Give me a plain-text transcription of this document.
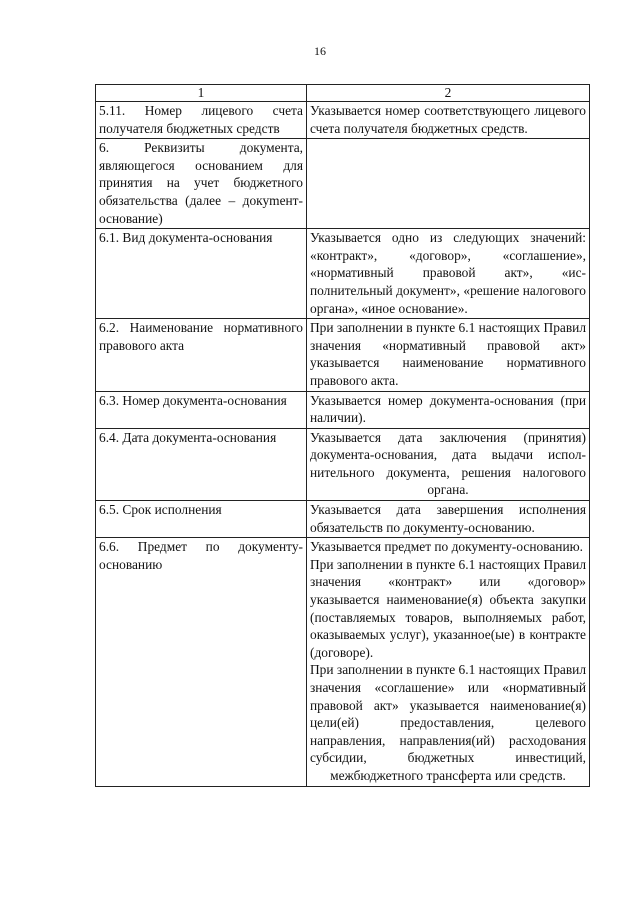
16
1	2
5.11. Номер лицевого счета получателя бюджетных средств	Указывается номер соответствующего лицевого счета получателя бюджетных средств.

6. Реквизиты документа, являющегося основанием для принятия на учет бюджетного обязательства (далее – докуmент-основание)	
6.1. Вид документа-основания	Указывается одно из следующих значений: «контракт», «договор», «соглашение», «нормативный правовой акт», «исполнительный документ», «решение налогового органа», «иное основание».

6.2. Наименование нормативного правового акта	При заполнении в пункте 6.1 настоящих Правил значения «нормативный правовой акт» указывается наименование нормативного правового акта.

6.3. Номер документа-основания	Указывается номер документа-основания (при наличии).

6.4. Дата документа-основания	Указывается дата заключения (принятия) документа-основания, дата выдачи исполнительного документа, решения налогового органа.

6.5. Срок исполнения	Указывается дата завершения исполнения обязательств по документу-основанию.

6.6. Предмет по документу-основанию	Указывается предмет по документу-основанию.
При заполнении в пункте 6.1 настоящих Правил значения «контракт» или «договор» указывается наименование(я) объекта закупки (поставляемых товаров, выполняемых работ, оказываемых услуг), указанное(ые) в контракте (договоре).
При заполнении в пункте 6.1 настоящих Правил значения «соглашение» или «нормативный правовой акт» указывается наименование(я) цели(ей) предоставления, целевого направления, направления(ий) расходования субсидии, бюджетных инвестиций, межбюджетного трансферта или средств.
